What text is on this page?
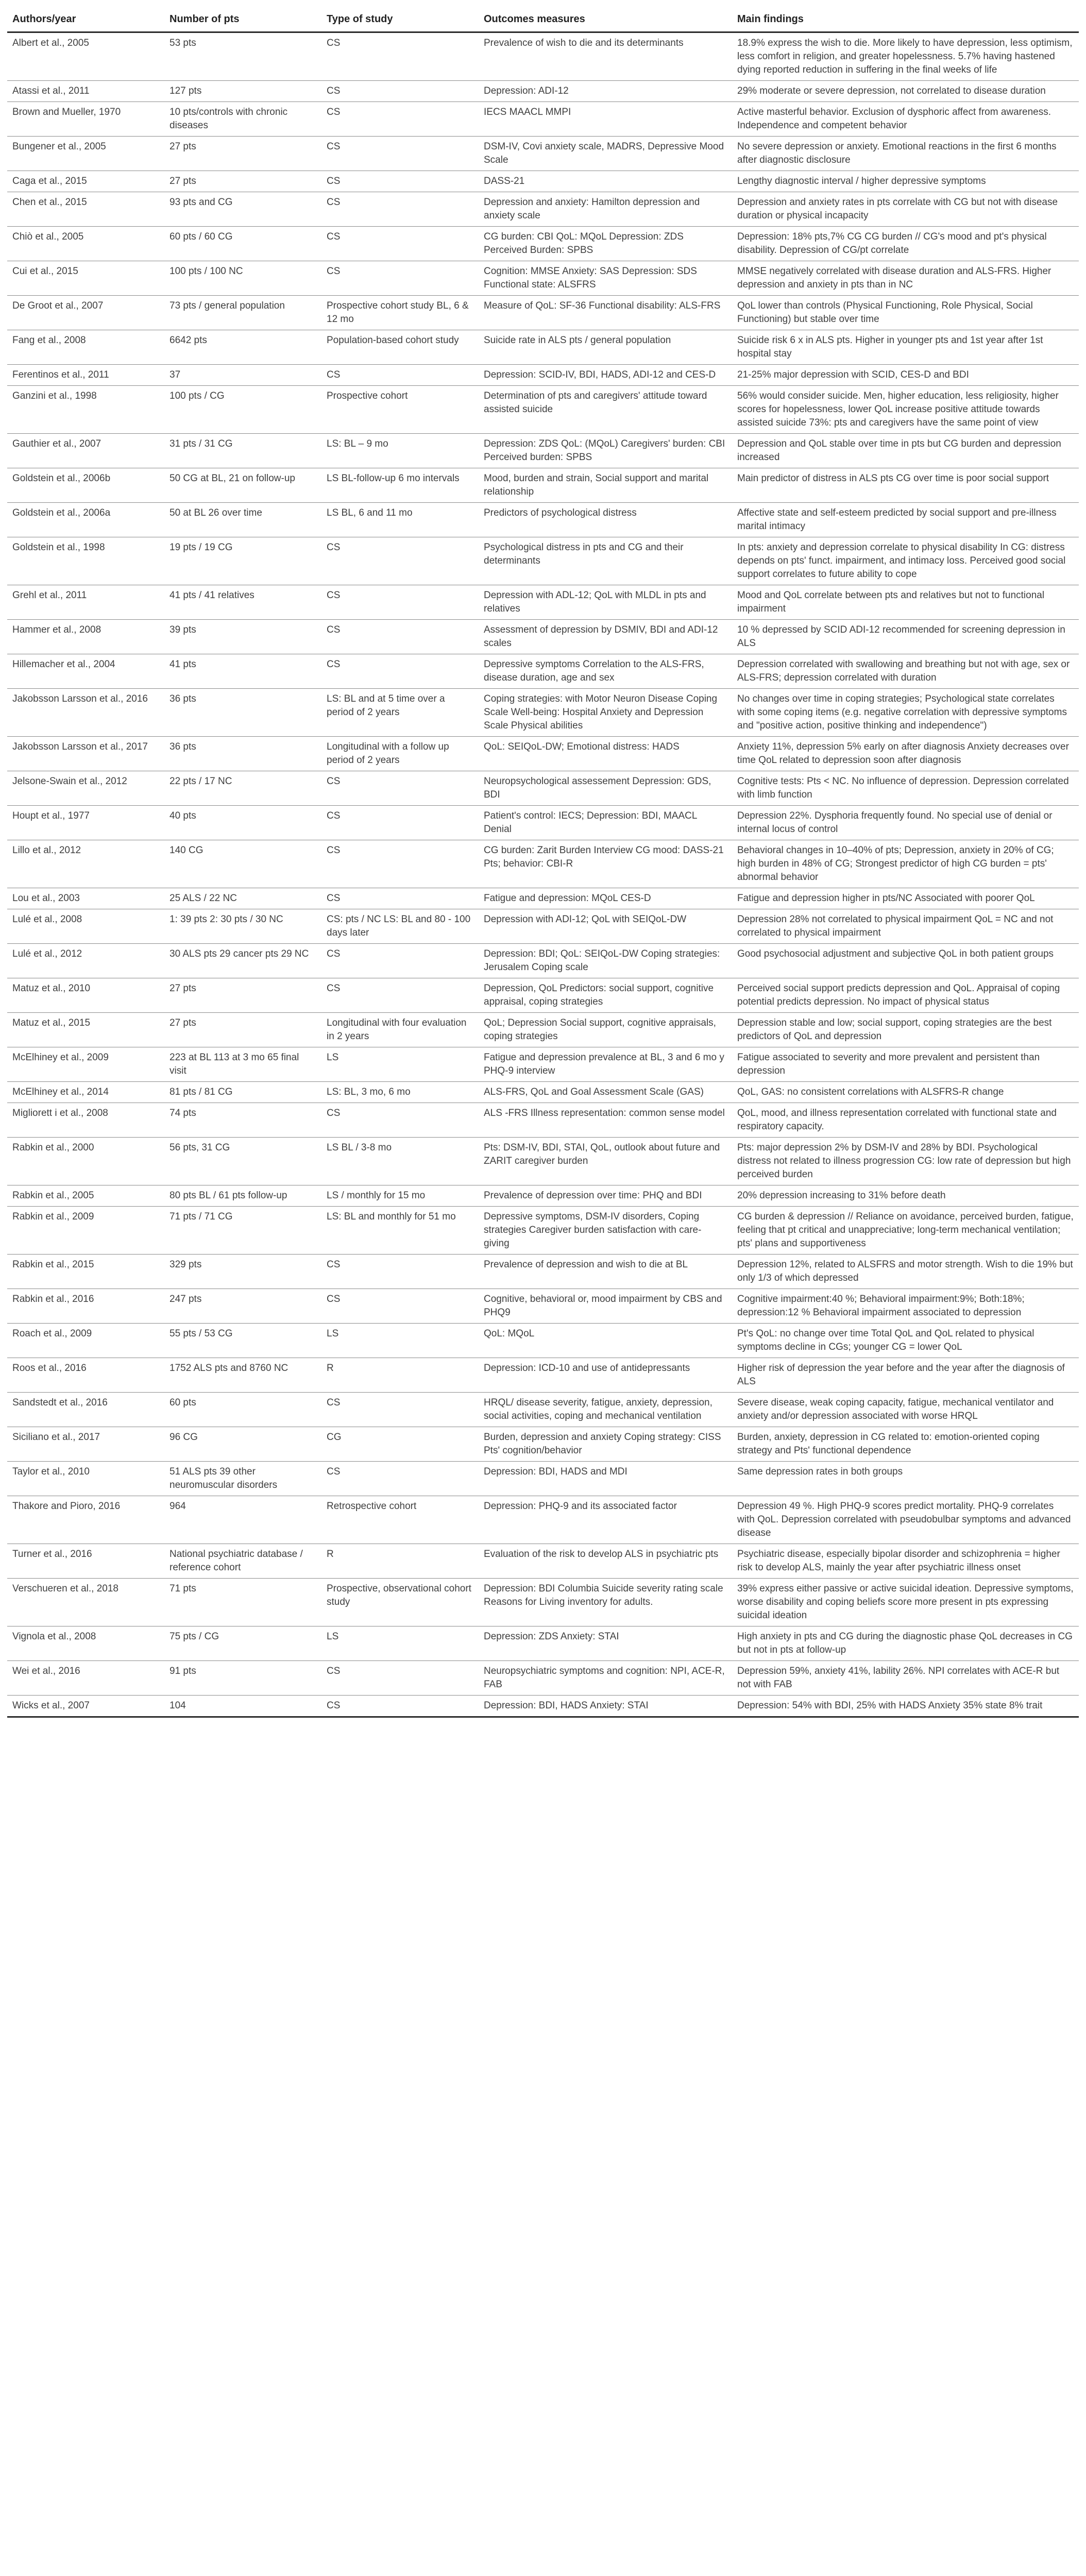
Authors/year	Number of pts	Type of study	Outcomes measures	Main findings
Albert et al., 2005	53 pts	CS	Prevalence of wish to die and its determinants	18.9% express the wish to die. More likely to have depression, less optimism, less comfort in religion, and greater hopelessness. 5.7% having hastened dying reported reduction in suffering in the final weeks of life
Atassi et al., 2011	127 pts	CS	Depression: ADI-12	29% moderate or severe depression, not correlated to disease duration
Brown and Mueller, 1970	10 pts/controls with chronic diseases	CS	IECS MAACL MMPI	Active masterful behavior. Exclusion of dysphoric affect from awareness. Independence and competent behavior
Bungener et al., 2005	27 pts	CS	DSM-IV, Covi anxiety scale, MADRS, Depressive Mood Scale	No severe depression or anxiety. Emotional reactions in the first 6 months after diagnostic disclosure
Caga et al., 2015	27 pts	CS	DASS-21	Lengthy diagnostic interval / higher depressive symptoms
Chen et al., 2015	93 pts and CG	CS	Depression and anxiety: Hamilton depression and anxiety scale	Depression and anxiety rates in pts correlate with CG but not with disease duration or physical incapacity
Chiò et al., 2005	60 pts / 60 CG	CS	CG burden: CBI QoL: MQoL Depression: ZDS Perceived Burden: SPBS	Depression: 18% pts,7% CG CG burden // CG's mood and pt's physical disability. Depression of CG/pt correlate
Cui et al., 2015	100 pts / 100 NC	CS	Cognition: MMSE Anxiety: SAS Depression: SDS Functional state: ALSFRS	MMSE negatively correlated with disease duration and ALS-FRS. Higher depression and anxiety in pts than in NC
De Groot et al., 2007	73 pts / general population	Prospective cohort study BL, 6 & 12 mo	Measure of QoL: SF-36 Functional disability: ALS-FRS	QoL lower than controls (Physical Functioning, Role Physical, Social Functioning) but stable over time
Fang et al., 2008	6642 pts	Population-based cohort study	Suicide rate in ALS pts / general population	Suicide risk 6 x in ALS pts. Higher in younger pts and 1st year after 1st hospital stay
Ferentinos et al., 2011	37	CS	Depression: SCID-IV, BDI, HADS, ADI-12 and CES-D	21-25% major depression with SCID, CES-D and BDI
Ganzini et al., 1998	100 pts / CG	Prospective cohort	Determination of pts and caregivers' attitude toward assisted suicide	56% would consider suicide. Men, higher education, less religiosity, higher scores for hopelessness, lower QoL increase positive attitude towards assisted suicide 73%: pts and caregivers have the same point of view
Gauthier et al., 2007	31 pts / 31 CG	LS: BL – 9 mo	Depression: ZDS QoL: (MQoL) Caregivers' burden: CBI Perceived burden: SPBS	Depression and QoL stable over time in pts but CG burden and depression increased
Goldstein et al., 2006b	50 CG at BL, 21 on follow-up	LS BL-follow-up 6 mo intervals	Mood, burden and strain, Social support and marital relationship	Main predictor of distress in ALS pts CG over time is poor social support
Goldstein et al., 2006a	50 at BL 26 over time	LS BL, 6 and 11 mo	Predictors of psychological distress	Affective state and self-esteem predicted by social support and pre-illness marital intimacy
Goldstein et al., 1998	19 pts / 19 CG	CS	Psychological distress in pts and CG and their determinants	In pts: anxiety and depression correlate to physical disability In CG: distress depends on pts' funct. impairment, and intimacy loss. Perceived good social support correlates to future ability to cope
Grehl et al., 2011	41 pts / 41 relatives	CS	Depression with ADL-12; QoL with MLDL in pts and relatives	Mood and QoL correlate between pts and relatives but not to functional impairment
Hammer et al., 2008	39 pts	CS	Assessment of depression by DSMIV, BDI and ADI-12 scales	10 % depressed by SCID ADI-12 recommended for screening depression in ALS
Hillemacher et al., 2004	41 pts	CS	Depressive symptoms Correlation to the ALS-FRS, disease duration, age and sex	Depression correlated with swallowing and breathing but not with age, sex or ALS-FRS; depression correlated with duration
Jakobsson Larsson et al., 2016	36 pts	LS: BL and at 5 time over a period of 2 years	Coping strategies: with Motor Neuron Disease Coping Scale Well-being: Hospital Anxiety and Depression Scale Physical abilities	No changes over time in coping strategies; Psychological state correlates with some coping items (e.g. negative correlation with depressive symptoms and "positive action, positive thinking and independence")
Jakobsson Larsson et al., 2017	36 pts	Longitudinal with a follow up period of 2 years	QoL: SEIQoL-DW; Emotional distress: HADS	Anxiety 11%, depression 5% early on after diagnosis Anxiety decreases over time QoL related to depression soon after diagnosis
Jelsone-Swain et al., 2012	22 pts / 17 NC	CS	Neuropsychological assessement Depression: GDS, BDI	Cognitive tests: Pts < NC. No influence of depression. Depression correlated with limb function
Houpt et al., 1977	40 pts	CS	Patient's control: IECS; Depression: BDI, MAACL Denial	Depression 22%. Dysphoria frequently found. No special use of denial or internal locus of control
Lillo et al., 2012	140 CG	CS	CG burden: Zarit Burden Interview CG mood: DASS-21 Pts; behavior: CBI-R	Behavioral changes in 10–40% of pts; Depression, anxiety in 20% of CG; high burden in 48% of CG; Strongest predictor of high CG burden = pts' abnormal behavior
Lou et al., 2003	25 ALS / 22 NC	CS	Fatigue and depression: MQoL CES-D	Fatigue and depression higher in pts/NC Associated with poorer QoL
Lulé et al., 2008	1: 39 pts 2: 30 pts / 30 NC	CS: pts / NC LS: BL and 80 - 100 days later	Depression with ADI-12; QoL with SEIQoL-DW	Depression 28% not correlated to physical impairment QoL = NC and not correlated to physical impairment
Lulé et al., 2012	30 ALS pts 29 cancer pts 29 NC	CS	Depression: BDI; QoL: SEIQoL-DW Coping strategies: Jerusalem Coping scale	Good psychosocial adjustment and subjective QoL in both patient groups
Matuz et al., 2010	27 pts	CS	Depression, QoL Predictors: social support, cognitive appraisal, coping strategies	Perceived social support predicts depression and QoL. Appraisal of coping potential predicts depression. No impact of physical status
Matuz et al., 2015	27 pts	Longitudinal with four evaluation in 2 years	QoL; Depression Social support, cognitive appraisals, coping strategies	Depression stable and low; social support, coping strategies are the best predictors of QoL and depression
McElhiney et al., 2009	223 at BL 113 at 3 mo 65 final visit	LS	Fatigue and depression prevalence at BL, 3 and 6 mo y PHQ-9 interview	Fatigue associated to severity and more prevalent and persistent than depression
McElhiney et al., 2014	81 pts / 81 CG	LS: BL, 3 mo, 6 mo	ALS-FRS, QoL and Goal Assessment Scale (GAS)	QoL, GAS: no consistent correlations with ALSFRS-R change
Migliorett i et al., 2008	74 pts	CS	ALS -FRS Illness representation: common sense model	QoL, mood, and illness representation correlated with functional state and respiratory capacity.
Rabkin et al., 2000	56 pts, 31 CG	LS BL / 3-8 mo	Pts: DSM-IV, BDI, STAI, QoL, outlook about future and ZARIT caregiver burden	Pts: major depression 2% by DSM-IV and 28% by BDI. Psychological distress not related to illness progression CG: low rate of depression but high perceived burden
Rabkin et al., 2005	80 pts BL / 61 pts follow-up	LS / monthly for 15 mo	Prevalence of depression over time: PHQ and BDI	20% depression increasing to 31% before death
Rabkin et al., 2009	71 pts / 71 CG	LS: BL and monthly for 51 mo	Depressive symptoms, DSM-IV disorders, Coping strategies Caregiver burden satisfaction with care-giving	CG burden & depression // Reliance on avoidance, perceived burden, fatigue, feeling that pt critical and unappreciative; long-term mechanical ventilation; pts' plans and supportiveness
Rabkin et al., 2015	329 pts	CS	Prevalence of depression and wish to die at BL	Depression 12%, related to ALSFRS and motor strength. Wish to die 19% but only 1/3 of which depressed
Rabkin et al., 2016	247 pts	CS	Cognitive, behavioral or, mood impairment by CBS and PHQ9	Cognitive impairment:40 %; Behavioral impairment:9%; Both:18%; depression:12 % Behavioral impairment associated to depression
Roach et al., 2009	55 pts / 53 CG	LS	QoL: MQoL	Pt's QoL: no change over time Total QoL and QoL related to physical symptoms decline in CGs; younger CG = lower QoL
Roos et al., 2016	1752 ALS pts and 8760 NC	R	Depression: ICD-10 and use of antidepressants	Higher risk of depression the year before and the year after the diagnosis of ALS
Sandstedt et al., 2016	60 pts	CS	HRQL/ disease severity, fatigue, anxiety, depression, social activities, coping and mechanical ventilation	Severe disease, weak coping capacity, fatigue, mechanical ventilator and anxiety and/or depression associated with worse HRQL
Siciliano et al., 2017	96 CG	CG	Burden, depression and anxiety Coping strategy: CISS Pts' cognition/behavior	Burden, anxiety, depression in CG related to: emotion-oriented coping strategy and Pts' functional dependence
Taylor et al., 2010	51 ALS pts 39 other neuromuscular disorders	CS	Depression: BDI, HADS and MDI	Same depression rates in both groups
Thakore and Pioro, 2016	964	Retrospective cohort	Depression: PHQ-9 and its associated factor	Depression 49 %. High PHQ-9 scores predict mortality. PHQ-9 correlates with QoL. Depression correlated with pseudobulbar symptoms and advanced disease
Turner et al., 2016	National psychiatric database / reference cohort	R	Evaluation of the risk to develop ALS in psychiatric pts	Psychiatric disease, especially bipolar disorder and schizophrenia = higher risk to develop ALS, mainly the year after psychiatric illness onset
Verschueren et al., 2018	71 pts	Prospective, observational cohort study	Depression: BDI Columbia Suicide severity rating scale Reasons for Living inventory for adults.	39% express either passive or active suicidal ideation. Depressive symptoms, worse disability and coping beliefs score more present in pts expressing suicidal ideation
Vignola et al., 2008	75 pts / CG	LS	Depression: ZDS Anxiety: STAI	High anxiety in pts and CG during the diagnostic phase QoL decreases in CG but not in pts at follow-up
Wei et al., 2016	91 pts	CS	Neuropsychiatric symptoms and cognition: NPI, ACE-R, FAB	Depression 59%, anxiety 41%, lability 26%. NPI correlates with ACE-R but not with FAB
Wicks et al., 2007	104	CS	Depression: BDI, HADS Anxiety: STAI	Depression: 54% with BDI, 25% with HADS Anxiety 35% state 8% trait
